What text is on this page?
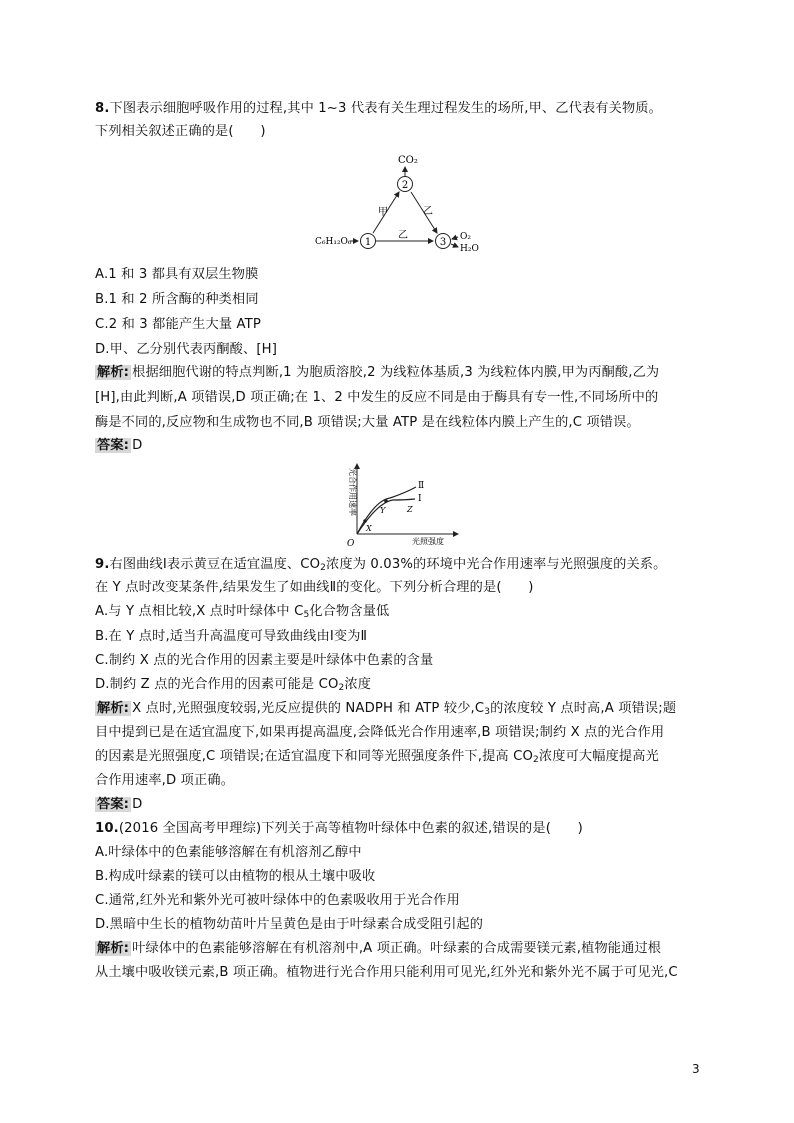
8.下图表示细胞呼吸作用的过程,其中 1~3 代表有关生理过程发生的场所,甲、乙代表有关物质。
下列相关叙述正确的是(　　)
CO₂
2
1	3
C₆H₁₂O₆
甲	乙
乙	O₂
H₂O
A.1 和 3 都具有双层生物膜
B.1 和 2 所含酶的种类相同
C.2 和 3 都能产生大量 ATP
D.甲、乙分别代表丙酮酸、[H]
解析: 根据细胞代谢的特点判断,1 为胞质溶胶,2 为线粒体基质,3 为线粒体内膜,甲为丙酮酸,乙为
[H],由此判断,A 项错误,D 项正确;在 1、2 中发生的反应不同是由于酶具有专一性,不同场所中的
酶是不同的,反应物和生成物也不同,B 项错误;大量 ATP 是在线粒体内膜上产生的,C 项错误。
答案: D
光合作用速率
光照强度
O
Ⅱ
Ⅰ
X
Y	Z
9.右图曲线Ⅰ表示黄豆在适宜温度、$CO_2$浓度为 0.03%的环境中光合作用速率与光照强度的关系。
在 Y 点时改变某条件,结果发生了如曲线Ⅱ的变化。下列分析合理的是(　　)
A.与 Y 点相比较,X 点时叶绿体中 $C_5$化合物含量低
B.在 Y 点时,适当升高温度可导致曲线由Ⅰ变为Ⅱ
C.制约 X 点的光合作用的因素主要是叶绿体中色素的含量
D.制约 Z 点的光合作用的因素可能是 $CO_2$浓度
解析: X 点时,光照强度较弱,光反应提供的 NADPH 和 ATP 较少$,C_3$的浓度较 Y 点时高,A 项错误;题
目中提到已是在适宜温度下,如果再提高温度,会降低光合作用速率,B 项错误;制约 X 点的光合作用
的因素是光照强度,C 项错误;在适宜温度下和同等光照强度条件下,提高 $CO_2$浓度可大幅度提高光
合作用速率,D 项正确。
答案: D
10.(2016 全国高考甲理综)下列关于高等植物叶绿体中色素的叙述,错误的是(　　)
A.叶绿体中的色素能够溶解在有机溶剂乙醇中
B.构成叶绿素的镁可以由植物的根从土壤中吸收
C.通常,红外光和紫外光可被叶绿体中的色素吸收用于光合作用
D.黑暗中生长的植物幼苗叶片呈黄色是由于叶绿素合成受阻引起的
解析: 叶绿体中的色素能够溶解在有机溶剂中,A 项正确。叶绿素的合成需要镁元素,植物能通过根
从土壤中吸收镁元素,B 项正确。植物进行光合作用只能利用可见光,红外光和紫外光不属于可见光,C
3
